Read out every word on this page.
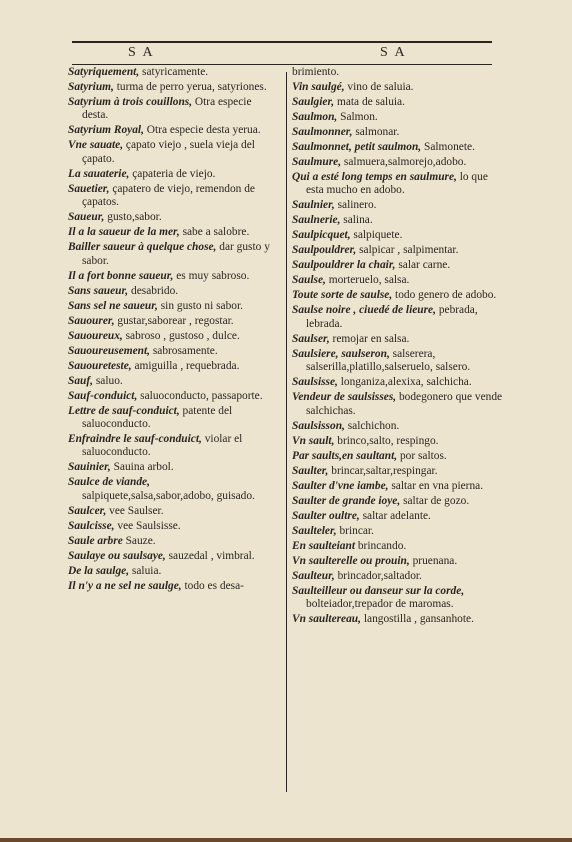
S A	S A

Satyriquement, satyricamente.

Satyrium, turma de perro yerua, satyriones.

Satyrium à trois couillons, Otra especie desta.

Satyrium Royal, Otra especie desta yerua.

Vne sauate, çapato viejo , suela vieja del çapato.

La sauaterie, çapateria de viejo.

Sauetier, çapatero de viejo, remendon de çapatos.

Saueur, gusto,sabor.

Il a la saueur de la mer, sabe a salobre.

Bailler saueur à quelque chose, dar gusto y sabor.

Il a fort bonne saueur, es muy sabroso.

Sans saueur, desabrido.

Sans sel ne saueur, sin gusto ni sabor.

Sauourer, gustar,saborear , regostar.

Sauoureux, sabroso , gustoso , dulce.

Sauoureusement, sabrosamente.

Sauoureteste, amiguilla , requebrada.

Sauf, saluo.

Sauf-conduict, saluoconducto, passaporte.

Lettre de sauf-conduict, patente del saluoconducto.

Enfraindre le sauf-conduict, violar el saluoconducto.

Sauinier, Sauina arbol.

Saulce de viande, salpiquete,salsa,sabor,adobo, guisado.

Saulcer, vee Saulser.

Saulcisse, vee Saulsisse.

Saule arbre Sauze.

Saulaye ou saulsaye, sauzedal , vimbral.

De la saulge, saluia.

Il n'y a ne sel ne saulge, todo es desa-

brimiento.

Vin saulgé, vino de saluia.

Saulgier, mata de saluia.

Saulmon, Salmon.

Saulmonner, salmonar.

Saulmonnet, petit saulmon, Salmonete.

Saulmure, salmuera,salmorejo,adobo.

Qui a esté long temps en saulmure, lo que esta mucho en adobo.

Saulnier, salinero.

Saulnerie, salina.

Saulpicquet, salpiquete.

Saulpouldrer, salpicar , salpimentar.

Saulpouldrer la chair, salar carne.

Saulse, morteruelo, salsa.

Toute sorte de saulse, todo genero de adobo.

Saulse noire , ciuedé de lieure, pebrada, lebrada.

Saulser, remojar en salsa.

Saulsiere, saulseron, salserera, salserilla,platillo,salseruelo, salsero.

Saulsisse, longaniza,alexixa, salchicha.

Vendeur de saulsisses, bodegonero que vende salchichas.

Saulsisson, salchichon.

Vn sault, brinco,salto, respingo.

Par saults,en saultant, por saltos.

Saulter, brincar,saltar,respingar.

Saulter d'vne iambe, saltar en vna pierna.

Saulter de grande ioye, saltar de gozo.

Saulter oultre, saltar adelante.

Saulteler, brincar.

En saulteiant brincando.

Vn saulterelle ou prouin, pruenana.

Saulteur, brincador,saltador.

Saulteilleur ou danseur sur la corde, bolteiador,trepador de maromas.

Vn saultereau, langostilla , gansanhote.
